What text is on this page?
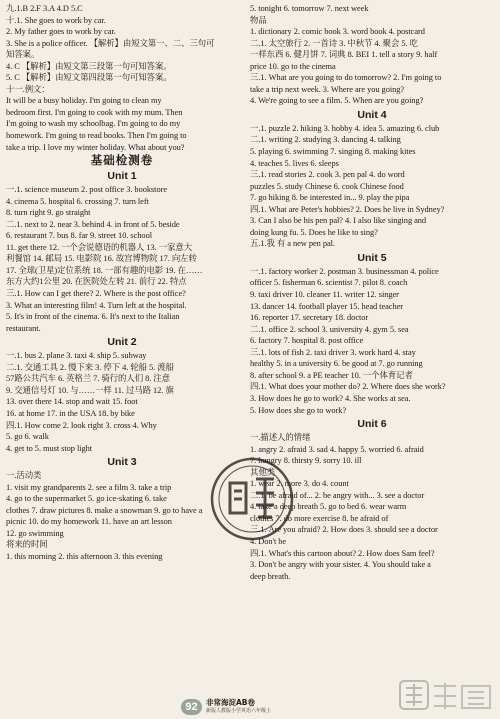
九.1.B 2.F 3.A 4.D 5.C
十.1. She goes to work by car.
2. My father goes to work by car.
3. She is a police officer. 【解析】由短文第一、二、三句可
知答案。
4. C 【解析】由短文第三段第一句可知答案。
5. C 【解析】由短文第四段第一句可知答案。
十一.例文：
It will be a busy holiday. I'm going to clean my
bedroom first. I'm going to cook with my mum. Then
I'm going to wash my schoolbag. I'm going to do my
homework. I'm going to read books. Then I'm going to
take a trip. I love my winter holiday. What about you?
基础检测卷
Unit 1
一.1. science museum 2. post office 3. bookstore
4. cinema 5. hospital 6. crossing 7. turn left
8. turn right 9. go straight
二.1. next to 2. near 3. behind 4. in front of 5. beside
6. restaurant 7. bus 8. far 9. street 10. school
11. get there 12. 一个会说德语的机器人 13. 一家意大
利餐馆 14. 邮局 15. 电影院 16. 故宫博物院 17. 向左转
17. 全球(卫星)定位系统 18. 一部有趣的电影 19. 在……
东方大约1公里 20. 在医院处左转 21. 前行 22. 特点
三.1. How can I get there? 2. Where is the post office?
3. What an interesting film! 4. Turn left at the hospital.
5. It's in front of the cinema. 6. It's next to the Italian
restaurant.
Unit 2
一.1. bus 2. plane 3. taxi 4. ship 5. subway
二.1. 交通工具 2. 慢下来 3. 停下 4. 轮船 5. 渡船
57路公共汽车 6. 英格兰 7. 骑行的人们 8. 注意
9. 交通信号灯 10. 与……一样 11. 过马路 12. 旗
13. over there 14. stop and wait 15. foot
16. at home 17. in the USA 18. by bike
四.1. How come 2. look right 3. cross 4. Why
5. go 6. walk
4. get to 5. must stop light
Unit 3
一.活动类
1. visit my grandparents 2. see a film 3. take a trip
4. go to the supermarket 5. go ice-skating 6. take
clothes 7. draw pictures 8. make a snowman 9. go to have a
picnic 10. do my homework 11. have an art lesson
12. go swimming
将来的时间
1. this morning 2. this afternoon 3. this evening
5. tonight 6. tomorrow 7. next week
物品
1. dictionary 2. comic book 3. word book 4. postcard
二.1. 太空旅行 2. 一首诗 3. 中秋节 4. 聚会 5. 吃
一样东西 6. 健月饼 7. 词典 8. BEI 1. tell a story 9. half
price 10. go to the cinema
三.1. What are you going to do tomorrow? 2. I'm going to
take a trip next week. 3. Where are you going?
4. We're going to see a film. 5. When are you going?
Unit 4
一.1. puzzle 2. hiking 3. hobby 4. idea 5. amazing 6. club
二.1. writing 2. studying 3. dancing 4. talking
5. playing 6. swimming 7. singing 8. making kites
4. teaches 5. lives 6. sleeps
三.1. read stories 2. cook 3. pen pal 4. do word
puzzles 5. study Chinese 6. cook Chinese food
7. go hiking 8. be interested in... 9. play the pipa
四.1. What are Peter's hobbies? 2. Does he live in Sydney?
3. Can I also be his pen pal? 4. I also like singing and
doing kung fu. 5. Does he like to sing?
五.1.我 有 a new pen pal.
Unit 5
一.1. factory worker 2. postman 3. businessman 4. police
officer 5. fisherman 6. scientist 7. pilot 8. coach
9. taxi driver 10. cleaner 11. writer 12. singer
13. dancer 14. football player 15. head teacher
16. reporter 17. secretary 18. doctor
二.1. office 2. school 3. university 4. gym 5. sea
6. factory 7. hospital 8. post office
三.1. lots of fish 2. taxi driver 3. work hard 4. stay
healthy 5. in a university 6. be good at 7. go running
8. after school 9. a PE teacher 10. 一个体育记者
四.1. What does your mother do? 2. Where does she work?
3. How does he go to work? 4. She works at sea.
5. How does she go to work?
Unit 6
一.描述人的情绪
1. angry 2. afraid 3. sad 4. happy 5. worried 6. afraid
7. hungry 8. thirsty 9. sorry 10. ill
其他类
1. wear 2. more 3. do 4. count
二.1. be afraid of... 2. be angry with... 3. see a doctor
4. take a deep breath 5. go to bed 6. wear warm
clothes 7. do more exercise 8. be afraid of
三.1. Are you afraid? 2. How does 3. should see a doctor
4. Don't be
四.1. What's this cartoon about? 2. How does Sam feel?
3. Don't be angry with your sister. 4. You should take a
deep breath.
92	非常海淀AB卷
新版人教版小学英语六年级上
